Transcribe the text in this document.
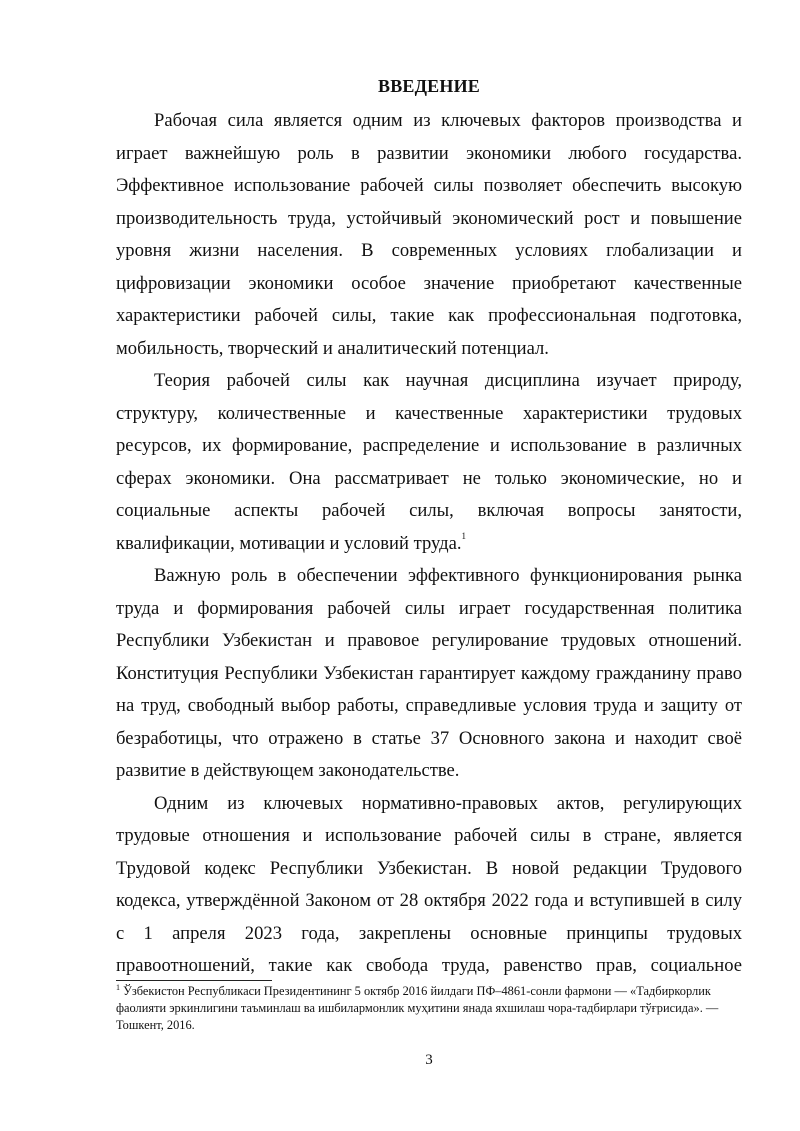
ВВЕДЕНИЕ

Рабочая сила является одним из ключевых факторов производства и играет важнейшую роль в развитии экономики любого государства. Эффективное использование рабочей силы позволяет обеспечить высокую производительность труда, устойчивый экономический рост и повышение уровня жизни населения. В современных условиях глобализации и цифровизации экономики особое значение приобретают качественные характеристики рабочей силы, такие как профессиональная подготовка, мобильность, творческий и аналитический потенциал.

Теория рабочей силы как научная дисциплина изучает природу, структуру, количественные и качественные характеристики трудовых ресурсов, их формирование, распределение и использование в различных сферах экономики. Она рассматривает не только экономические, но и социальные аспекты рабочей силы, включая вопросы занятости, квалификации, мотивации и условий труда.$^1$

Важную роль в обеспечении эффективного функционирования рынка труда и формирования рабочей силы играет государственная политика Республики Узбекистан и правовое регулирование трудовых отношений. Конституция Республики Узбекистан гарантирует каждому гражданину право на труд, свободный выбор работы, справедливые условия труда и защиту от безработицы, что отражено в статье 37 Основного закона и находит своё развитие в действующем законодательстве.

Одним из ключевых нормативно-правовых актов, регулирующих трудовые отношения и использование рабочей силы в стране, является Трудовой кодекс Республики Узбекистан. В новой редакции Трудового кодекса, утверждённой Законом от 28 октября 2022 года и вступившей в силу с 1 апреля 2023 года, закреплены основные принципы трудовых правоотношений, такие как свобода труда, равенство прав, социальное

$^1$ Ўзбекистон Республикаси Президентининг 5 октябр 2016 йилдаги ПФ–4861-сонли фармони — «Тадбиркорлик фаолияти эркинлигини таъминлаш ва ишбилармонлик муҳитини янада яхшилаш чора-тадбирлари тўғрисида». — Тошкент, 2016.
3
